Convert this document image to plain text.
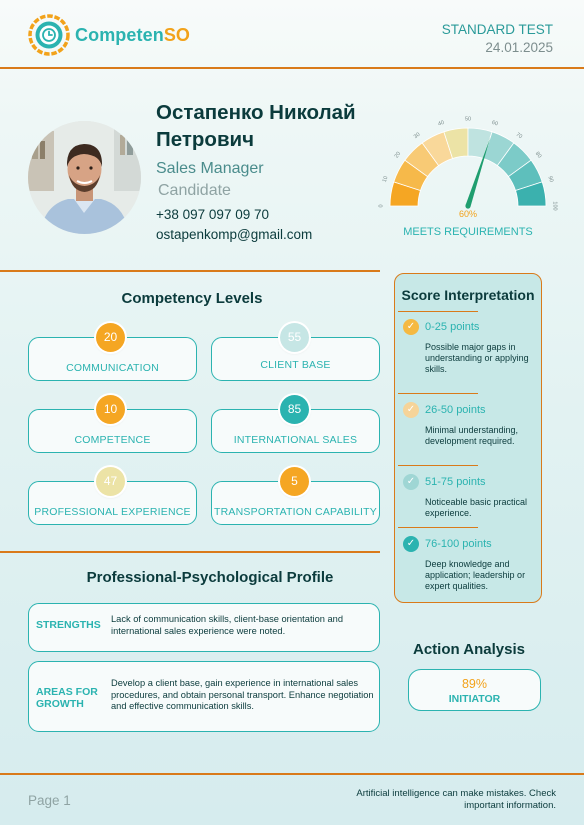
CompetenSO	STANDARD TEST
24.01.2025
Остапенко Николай Петрович
Sales Manager
Candidate
+38 097 097 09 70
ostapenkomp@gmail.com
0
10
20
30
40
50
60
70
80
90
100
60%
MEETS REQUIREMENTS
Competency Levels
COMMUNICATION
20
CLIENT BASE
55
COMPETENCE
10
INTERNATIONAL SALES
85
PROFESSIONAL EXPERIENCE
47
TRANSPORTATION CAPABILITY
5
Score Interpretation
✓ 0-25 points
Possible major gaps in understanding or applying skills.
✓ 26-50 points
Minimal understanding, development required.
✓ 51-75 points
Noticeable basic practical experience.
✓ 76-100 points
Deep knowledge and application; leadership or expert qualities.
Professional-Psychological Profile
STRENGTHS Lack of communication skills, client-base orientation and international sales experience were noted.
AREAS FOR GROWTH
Develop a client base, gain experience in international sales procedures, and obtain personal transport. Enhance negotiation and effective communication skills.
Action Analysis
89%
INITIATOR
Page 1	Artificial intelligence can make mistakes. Check important information.
